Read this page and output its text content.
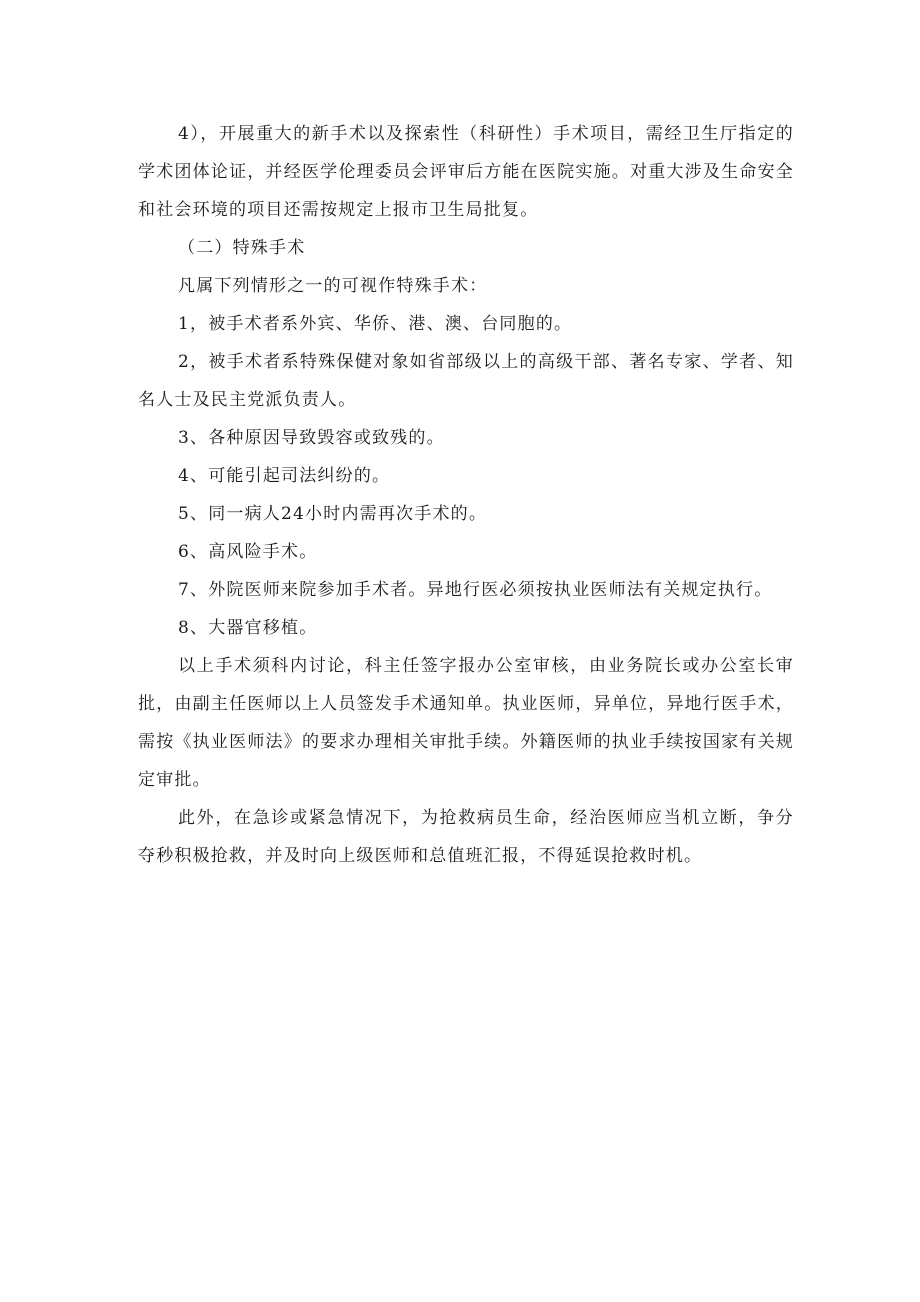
4），开展重大的新手术以及探索性（科研性）手术项目，需经卫生厅指定的学术团体论证，并经医学伦理委员会评审后方能在医院实施。对重大涉及生命安全和社会环境的项目还需按规定上报市卫生局批复。

（二）特殊手术

凡属下列情形之一的可视作特殊手术：

1，被手术者系外宾、华侨、港、澳、台同胞的。

2，被手术者系特殊保健对象如省部级以上的高级干部、著名专家、学者、知名人士及民主党派负责人。

3、各种原因导致毁容或致残的。

4、可能引起司法纠纷的。

5、同一病人24小时内需再次手术的。

6、高风险手术。

7、外院医师来院参加手术者。异地行医必须按执业医师法有关规定执行。

8、大器官移植。

以上手术须科内讨论，科主任签字报办公室审核，由业务院长或办公室长审批，由副主任医师以上人员签发手术通知单。执业医师，异单位，异地行医手术，需按《执业医师法》的要求办理相关审批手续。外籍医师的执业手续按国家有关规定审批。

此外，在急诊或紧急情况下，为抢救病员生命，经治医师应当机立断，争分夺秒积极抢救，并及时向上级医师和总值班汇报，不得延误抢救时机。
